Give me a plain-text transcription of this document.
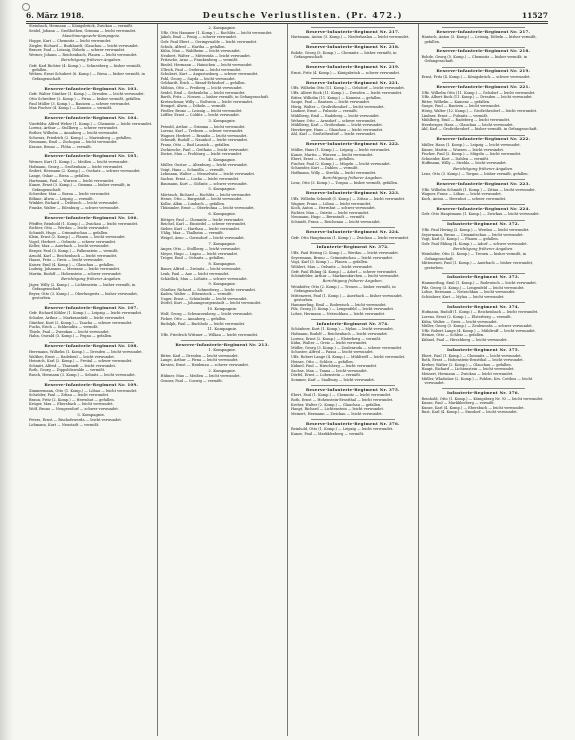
6. März 1918.	Deutsche Verlustlisten. (Pr. 472.)	11527
Steinbach, Hermann — Königsbrück, Zwickau — vermißt.
Seidel, Johann — Großbothen, Grimma — leicht verwundet.
Maschinengewehr-Kompagnie.
Hoppe, Kurt — Chemnitz — leicht verwundet.
Ziegler, Richard — Burkhardt, Glauchau — leicht verwundet.
Brauer, Paul — Leisnig, Döbeln — schwer verwundet.
Werner, Johann — Reichenbach, Plauen — leicht verwundet.
Berichtigung früherer Angaben.
Gefr. Karl Richter (4. Komp.) — Schneeberg — bisher vermißt, gefallen.
Wehrm. Ernst Schubert (6. Komp.) — Riesa — bisher vermißt, in Gefangenschaft.
Reserve-Infanterie-Regiment Nr. 103.
Gefr. Walter Günther (1. Komp.) — Dresden — leicht verwundet.
Otto Schreiber (2. Komp.) — Pirna — bisher vermißt, gefallen.
Paul Müller (3. Komp.) — Bautzen — schwer verwundet.
Max Fischer (4. Komp.) — Kamenz — vermißt.
Reserve-Infanterie-Regiment Nr. 104.
Vizefeldw. Alfred Weber (1. Komp.) — Chemnitz — leicht verwundet.
Lorenz, Arthur — Stollberg — schwer verwundet.
Rother, Wilhelm — Annaberg — leicht verwundet.
Schwarz, Friedrich (2. Komp.) — Marienberg — gefallen.
Neumann, Emil — Zschopau — leicht verwundet.
Krause, Bruno — Flöha — vermißt.
Reserve-Infanterie-Regiment Nr. 105.
Werner, Kurt (1. Komp.) — Meißen — leicht verwundet.
Hofmann, Georg — Großenhain — leicht verwundet.
Seifert, Hermann (2. Komp.) — Oschatz — schwer verwundet.
Lange, Oskar — Riesa — gefallen.
Hartmann, Paul — Wurzen — leicht verwundet.
Kunze, Ernst (3. Komp.) — Grimma — bisher vermißt, in Gefangenschaft.
Schreiber, Max — Borna — leicht verwundet.
Böhme, Alwin — Leipzig — vermißt.
Winkler, Richard — Delitzsch — leicht verwundet.
Franke, Walter — Eilenburg — schwer verwundet.
Reserve-Infanterie-Regiment Nr. 106.
Pfeiffer, Reinhold (1. Komp.) — Zwickau — leicht verwundet.
Richter, Otto — Werdau — leicht verwundet.
Schmidt, Hugo — Crimmitschau — gefallen.
Klein, Ernst (2. Komp.) — Plauen — leicht verwundet.
Vogel, Herbert — Oelsnitz — schwer verwundet.
Keller, Max — Auerbach — leicht verwundet.
Berger, Paul (3. Komp.) — Falkenstein — vermißt.
Arnold, Karl — Reichenbach — leicht verwundet.
Haase, Fritz — Greiz — leicht verwundet.
Kaiser, Emil (4. Komp.) — Glauchau — gefallen.
Ludwig, Johannes — Meerane — leicht verwundet.
Martin, Rudolf — Hohenstein — schwer verwundet.
Berichtigung früherer Angaben.
Jäger, Willy (2. Komp.) — Lichtenstein — bisher vermißt, in Gefangenschaft.
Beyer, Otto (3. Komp.) — Oberlungwitz — bisher verwundet, gestorben.
Reserve-Infanterie-Regiment Nr. 107.
Gefr. Richard Köhler (1. Komp.) — Leipzig — leicht verwundet.
Schulze, Arthur — Markranstädt — leicht verwundet.
Günther, Kurt (2. Komp.) — Taucha — schwer verwundet.
Fuchs, Erich — Schkeuditz — vermißt.
Thiele, Paul — Zwenkau — leicht verwundet.
Hahn, Oswald (3. Komp.) — Pegau — gefallen.
Reserve-Infanterie-Regiment Nr. 108.
Herrmann, Wilhelm (1. Komp.) — Dresden — leicht verwundet.
Walther, Ernst — Radebeul — leicht verwundet.
Heinrich, Karl (2. Komp.) — Freital — schwer verwundet.
Schmitt, Alfred — Tharandt — leicht verwundet.
Roth, Georg — Dippoldiswalde — vermißt.
Busch, Hermann (3. Komp.) — Sebnitz — leicht verwundet.
Reserve-Infanterie-Regiment Nr. 109.
Zimmermann, Otto (1. Komp.) — Löbau — leicht verwundet.
Schröder, Paul — Zittau — leicht verwundet.
Braun, Fritz (2. Komp.) — Herrnhut — gefallen.
Krüger, Max — Ebersbach — leicht verwundet.
Wolf, Bruno — Neugersdorf — schwer verwundet.
5. Kompagnie.
Peters, Ernst — Bischofswerda — leicht verwundet.
Lehmann, Kurt — Neustadt — vermißt.
2. Kompagnie.
Uffz. Otto Hammer (1. Komp.) — Rochlitz — leicht verwundet.
Jakob, Emil — Penig — schwer verwundet.
Gefr. Paul Ebert — Geringswalde — leicht verwundet.
Schulz, Alfred — Hartha — gefallen.
Kühn, Max — Waldheim — leicht verwundet.
Neubert, Walter — Mittweida — leicht verwundet.
Fritzsche, Arno — Frankenberg — vermißt.
Riedel, Hermann — Hainichen — leicht verwundet.
Ullrich, Paul — Oederan — leicht verwundet.
Schubert, Kurt — Augustusburg — schwer verwundet.
Pohl, Georg — Sayda — leicht verwundet.
Gebhardt, Erich — Brand-Erbisdorf — gefallen.
Möbius, Otto — Freiberg — leicht verwundet.
Seidel, Emil — Siebenlehn — leicht verwundet.
Barth, Fritz — Nossen — bisher vermißt, in Gefangenschaft.
Kretzschmar, Willy — Roßwein — leicht verwundet.
Hempel, Alwin — Döbeln — vermißt.
Fiedler, Bruno — Leisnig — leicht verwundet.
Löffler, Ernst — Colditz — leicht verwundet.
3. Kompagnie.
Petzold, Arthur — Grimma — leicht verwundet.
Lorenz, Karl — Trebsen — schwer verwundet.
Wagner, Herbert — Brandis — leicht verwundet.
Schmidt, Rudolf — Naunhof — leicht verwundet.
Franz, Otto — Bad Lausick — gefallen.
Zschiesche, Paul — Geithain — leicht verwundet.
Dietze, Max — Frohburg — leicht verwundet.
4. Kompagnie.
Müller, Gustav — Altenburg — leicht verwundet.
Voigt, Hans — Schmölln — vermißt.
Lehmann, Walter — Meuselwitz — leicht verwundet.
Sachse, Ernst — Lucka — leicht verwundet.
Baumann, Kurt — Gößnitz — schwer verwundet.
5. Kompagnie.
Mörtzsch, Richard — Rochlitz — leicht verwundet.
Hesse, Otto — Burgstädt — leicht verwundet.
Kolbe, Albin — Limbach — gefallen.
Thümmler, Ernst — Oberfrohna — leicht verwundet.
6. Kompagnie.
Böttger, Paul — Chemnitz — leicht verwundet.
Reichel, Karl — Einsiedel — schwer verwundet.
Sieber, Kurt — Harthau — leicht verwundet.
Uhlig, Max — Thalheim — vermißt.
Weigel, Arno — Gornsdorf — leicht verwundet.
7. Kompagnie.
Anger, Otto — Stollberg — leicht verwundet.
Meyer, Hugo — Lugau — leicht verwundet.
Tröger, Emil — Oelsnitz — gefallen.
8. Kompagnie.
Bauer, Alfred — Zwönitz — leicht verwundet.
Lenk, Paul — Aue — leicht verwundet.
Schädlich, Max — Lößnitz — schwer verwundet.
9. Kompagnie.
Günther, Richard — Schneeberg — leicht verwundet.
Kaden, Walter — Eibenstock — vermißt.
Unger, Ernst — Schönheide — leicht verwundet.
Dörfel, Kurt — Johanngeorgenstadt — leicht verwundet.
10. Kompagnie.
Wolf, Georg — Schwarzenberg — leicht verwundet.
Ficker, Otto — Annaberg — gefallen.
Rudolph, Paul — Buchholz — leicht verwundet.
11. Kompagnie.
Uffz. Friedrich Wittmer — Wilkau — leicht verwundet.
Reserve-Infanterie-Regiment Nr. 213.
1. Kompagnie.
Ritter, Karl — Dresden — leicht verwundet.
Lange, Arthur — Pirna — leicht verwundet.
Kirsten, Ernst — Heidenau — schwer verwundet.
2. Kompagnie.
Hübner, Max — Meißen — leicht verwundet.
Gruner, Paul — Coswig — vermißt.
Reserve-Infanterie-Regiment Nr. 217.
Hartmann, Anton (3. Komp.) — Niederhaslau — leicht verwundet.
Reserve-Infanterie-Regiment Nr. 218.
Rohde, Georg (5. Komp.) — Chemnitz — bisher vermißt, in Gefangenschaft.
Reserve-Infanterie-Regiment Nr. 219.
Ernst, Fritz (4. Komp.) — Königsbrück — schwer verwundet.
Reserve-Infanterie-Regiment Nr. 221.
Uffz. Wilhelm Otto (11. Komp.) — Gelsdorf — leicht verwundet.
Uffz. Albert Bock (11. Komp.) — Dresden — leicht verwundet.
Ritter, Wilhelm (11. Komp.) — Kamenz — gefallen.
Saupe, Paul — Bautzen — leicht verwundet.
Hörig, Walter — Großröhrsdorf — leicht verwundet.
Lindner, Ernst — Pulsnitz — vermißt.
Mühlberg, Emil — Radeberg — leicht verwundet.
Wehner, Otto — Arnsdorf — schwer verwundet.
Mühlberg, Karl — Großenhain — leicht verwundet.
Herzberger, Hans — Glauchau — leicht verwundet.
Ahl, Karl — Großröhrsdorf — leicht verwundet.
Reserve-Infanterie-Regiment Nr. 222.
Müller, Hans (1. Komp.) — Leipzig — leicht verwundet.
Kunze, Martin — Wurzen — leicht verwundet.
Ebert, Ernst — Oschatz — gefallen.
Fischer, Paul (2. Komp.) — Mügeln — leicht verwundet.
Schneider, Kurt — Dahlen — vermißt.
Hoffmann, Willy — Strehla — leicht verwundet.
Berichtigung früherer Angaben.
Lenz, Otto (3. Komp.) — Torgau — bisher vermißt, gefallen.
Reserve-Infanterie-Regiment Nr. 223.
Uffz. Wilhelm Schmidt (1. Komp.) — Zittau — leicht verwundet.
Wagner, Franz — Löbau — leicht verwundet.
Koch, Anton — Herrnhut — schwer verwundet.
Richter, Max — Ostritz — leicht verwundet.
Neumann, Hugo — Bernstadt — vermißt.
Schmidt, Franz — Reichenau — leicht verwundet.
Reserve-Infanterie-Regiment Nr. 224.
Gefr. Otto Hauptmann (1. Komp.) — Zwickau — leicht verwundet.
Infanterie-Regiment Nr. 372.
Uffz. Paul Hering (2. Komp.) — Werdau — leicht verwundet.
Seyermann, Bruno — Crimmitschau — leicht verwundet.
Vogt, Karl (3. Komp.) — Plauen — gefallen.
Wöhlert, Max — Oelsnitz — leicht verwundet.
Gefr. Paul Ehling (4. Komp.) — Adorf — schwer verwundet.
Schönfelder, Arthur — Markneukirchen — leicht verwundet.
Berichtigung früherer Angaben.
Weinhöfer, Otto (2. Komp.) — Treuen — bisher vermißt, in Gefangenschaft.
Mittenzwei, Paul (1. Komp.) — Auerbach — bisher verwundet, gestorben.
Hammerling, Emil — Rodewisch — leicht verwundet.
Pilz, Georg (3. Komp.) — Lengenfeld — leicht verwundet.
Lohse, Hermann — Netzschkau — leicht verwundet.
Infanterie-Regiment Nr. 374.
Schönherr, Kurt (1. Komp.) — Mylau — leicht verwundet.
Hofmann, Rudolf — Reichenbach — leicht verwundet.
Lorenz, Ernst (2. Komp.) — Elsterberg — vermißt.
Kühn, Walter — Greiz — leicht verwundet.
Müller, Georg (3. Komp.) — Zeulenroda — schwer verwundet.
Schuster, Alfred — Pausa — leicht verwundet.
Uffz. Robert Lange (4. Komp.) — Mühltroff — leicht verwundet.
Heinze, Otto — Schleiz — gefallen.
Kühnel, Paul — Hirschberg — leicht verwundet.
Sachse, Max — Tanna — leicht verwundet.
Dörfel, Ernst — Lobenstein — vermißt.
Sommer, Karl — Saalburg — leicht verwundet.
Reserve-Infanterie-Regiment Nr. 375.
Ebert, Paul (1. Komp.) — Chemnitz — leicht verwundet.
Roth, Ernst — Hohenstein-Ernstthal — leicht verwundet.
Kreher, Walter (2. Komp.) — Glauchau — gefallen.
Haupt, Richard — Lichtenstein — leicht verwundet.
Meinert, Hermann — Zwickau — leicht verwundet.
Reserve-Infanterie-Regiment Nr. 376.
Reinhold, Otto (1. Komp.) — Leipzig — leicht verwundet.
Kunze, Paul — Markkleeberg — vermißt.
Reserve-Infanterie-Regiment Nr. 217.
Hantsch, Anton (3. Komp.) — Leisnig, Döbeln — bisher vermißt, gefallen.
Reserve-Infanterie-Regiment Nr. 218.
Rohde, Georg (5. Komp.) — Chemnitz — bisher vermißt, in Gefangenschaft.
Reserve-Infanterie-Regiment Nr. 219.
Ernst, Fritz (4. Komp.) — Königsbrück — schwer verwundet.
Reserve-Infanterie-Regiment Nr. 221.
Uffz. Wilhelm Otto (11. Komp.) — Gelsdorf — leicht verwundet.
Uffz. Albert Bock (11. Komp.) — Dresden — leicht verwundet.
Ritter, Wilhelm — Kamenz — gefallen.
Saupe, Paul — Bautzen — leicht verwundet.
Hörig, Walter (12. Komp.) — Großröhrsdorf — leicht verwundet.
Lindner, Ernst — Pulsnitz — vermißt.
Mühlberg, Emil — Radeberg — leicht verwundet.
Herzberger, Hans — Glauchau — leicht verwundet.
Ahl, Karl — Großröhrsdorf — bisher vermißt, in Gefangenschaft.
Reserve-Infanterie-Regiment Nr. 222.
Müller, Hans (1. Komp.) — Leipzig — leicht verwundet.
Kunze, Martin — Wurzen — leicht verwundet.
Fischer, Paul (2. Komp.) — Mügeln — leicht verwundet.
Schneider, Kurt — Dahlen — vermißt.
Hoffmann, Willy — Strehla — leicht verwundet.
Berichtigung früherer Angaben.
Lenz, Otto (3. Komp.) — Torgau — bisher vermißt, gefallen.
Reserve-Infanterie-Regiment Nr. 223.
Uffz. Wilhelm Schmidt (1. Komp.) — Zittau — leicht verwundet.
Wagner, Franz — Löbau — leicht verwundet.
Koch, Anton — Herrnhut — schwer verwundet.
Reserve-Infanterie-Regiment Nr. 224.
Gefr. Otto Hauptmann (1. Komp.) — Zwickau — leicht verwundet.
Infanterie-Regiment Nr. 372.
Uffz. Paul Hering (2. Komp.) — Werdau — leicht verwundet.
Seyermann, Bruno — Crimmitschau — leicht verwundet.
Vogt, Karl (3. Komp.) — Plauen — gefallen.
Gefr. Paul Ehling (4. Komp.) — Adorf — schwer verwundet.
Berichtigung früherer Angaben.
Weinhöfer, Otto (2. Komp.) — Treuen — bisher vermißt, in Gefangenschaft.
Mittenzwei, Paul (1. Komp.) — Auerbach — bisher verwundet, gestorben.
Infanterie-Regiment Nr. 373.
Hammerling, Emil (1. Komp.) — Rodewisch — leicht verwundet.
Pilz, Georg (3. Komp.) — Lengenfeld — leicht verwundet.
Lohse, Hermann — Netzschkau — leicht verwundet.
Schönherr, Kurt — Mylau — leicht verwundet.
Infanterie-Regiment Nr. 374.
Hofmann, Rudolf (1. Komp.) — Reichenbach — leicht verwundet.
Lorenz, Ernst (2. Komp.) — Elsterberg — vermißt.
Kühn, Walter — Greiz — leicht verwundet.
Müller, Georg (3. Komp.) — Zeulenroda — schwer verwundet.
Uffz. Robert Lange (4. Komp.) — Mühltroff — leicht verwundet.
Heinze, Otto — Schleiz — gefallen.
Kühnel, Paul — Hirschberg — leicht verwundet.
Infanterie-Regiment Nr. 375.
Ebert, Paul (1. Komp.) — Chemnitz — leicht verwundet.
Roth, Ernst — Hohenstein-Ernstthal — leicht verwundet.
Kreher, Walter (2. Komp.) — Glauchau — gefallen.
Haupt, Richard — Lichtenstein — leicht verwundet.
Meinert, Hermann — Zwickau — leicht verwundet.
Müller, Wladislaw (2. Komp.) — Pohlen, Krs. Cottbus — leicht verwundet.
Infanterie-Regiment Nr. 376.
Reinhold, Otto (1. Komp.) — Königsberg Nr. 93 — leicht verwundet.
Kunze, Paul — Markkleeberg — vermißt.
Kunze, Karl (4. Komp.) — Ebersbach — leicht verwundet.
Rust, Karl (4. Komp.) — Emsdorf — leicht verwundet.
